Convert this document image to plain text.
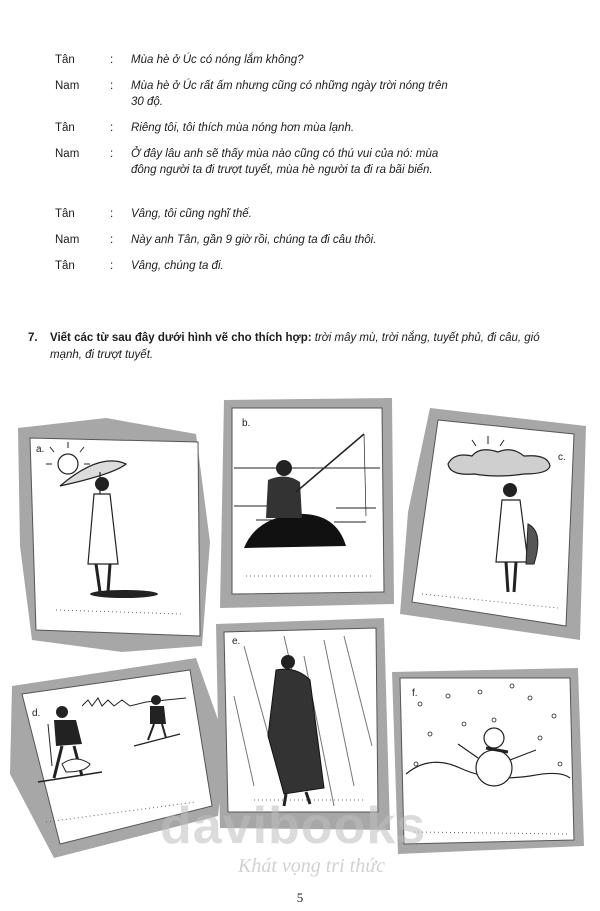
Tân	: Mùa hè ở Úc có nóng lắm không?
Nam	: Mùa hè ở Úc rất ấm nhưng cũng có những ngày trời nóng trên 30 độ.
Tân	: Riêng tôi, tôi thích mùa nóng hơn mùa lạnh.
Nam	: Ở đây lâu anh sẽ thấy mùa nào cũng có thú vui của nó: mùa đông người ta đi trượt tuyết, mùa hè người ta đi ra bãi biển.
Tân	: Vâng, tôi cũng nghĩ thế.
Nam	: Này anh Tân, gần 9 giờ rồi, chúng ta đi câu thôi.
Tân	: Vâng, chúng ta đi.
7. Viết các từ sau đây dưới hình vẽ cho thích hợp: trời mây mù, trời nắng, tuyết phủ, đi câu, gió mạnh, đi trượt tuyết.
a.
b.
c.
d.
e.
f.
davibooks
Khát vọng tri thức
5
